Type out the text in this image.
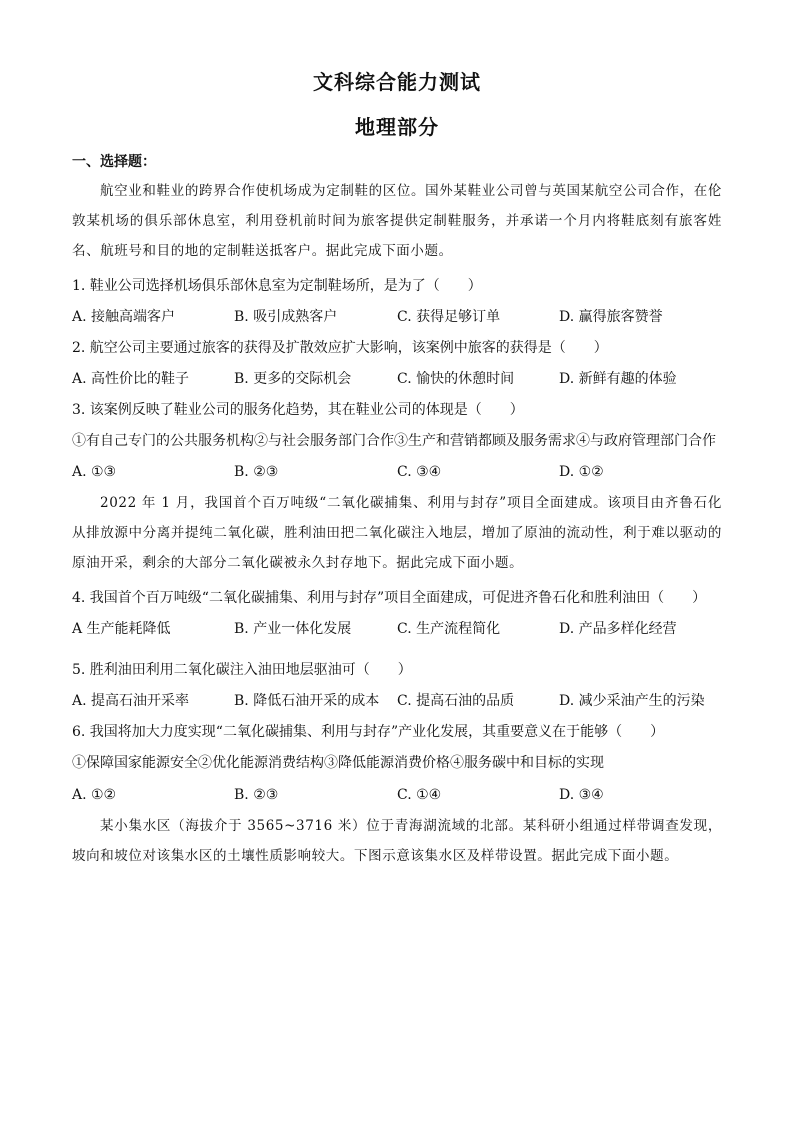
文科综合能力测试
地理部分
一、选择题：
航空业和鞋业的跨界合作使机场成为定制鞋的区位。国外某鞋业公司曾与英国某航空公司合作，在伦敦某机场的俱乐部休息室，利用登机前时间为旅客提供定制鞋服务，并承诺一个月内将鞋底刻有旅客姓名、航班号和目的地的定制鞋送抵客户。据此完成下面小题。
1. 鞋业公司选择机场俱乐部休息室为定制鞋场所，是为了（　　）
A. 接触高端客户	B. 吸引成熟客户	C. 获得足够订单	D. 赢得旅客赞誉
2. 航空公司主要通过旅客的获得及扩散效应扩大影响，该案例中旅客的获得是（　　）
A. 高性价比的鞋子	B. 更多的交际机会	C. 愉快的休憩时间	D. 新鲜有趣的体验
3. 该案例反映了鞋业公司的服务化趋势，其在鞋业公司的体现是（　　）
①有自己专门的公共服务机构②与社会服务部门合作③生产和营销都顾及服务需求④与政府管理部门合作
A. ①③	B. ②③	C. ③④	D. ①②
2022 年 1 月，我国首个百万吨级“二氧化碳捕集、利用与封存”项目全面建成。该项目由齐鲁石化从排放源中分离并提纯二氧化碳，胜利油田把二氧化碳注入地层，增加了原油的流动性，利于难以驱动的原油开采，剩余的大部分二氧化碳被永久封存地下。据此完成下面小题。
4. 我国首个百万吨级“二氧化碳捕集、利用与封存”项目全面建成，可促进齐鲁石化和胜利油田（　　）
A 生产能耗降低	B. 产业一体化发展	C. 生产流程简化	D. 产品多样化经营
5. 胜利油田利用二氧化碳注入油田地层驱油可（　　）
A. 提高石油开采率	B. 降低石油开采的成本 C. 提高石油的品质	D. 减少采油产生的污染
6. 我国将加大力度实现“二氧化碳捕集、利用与封存”产业化发展，其重要意义在于能够（　　）
①保障国家能源安全②优化能源消费结构③降低能源消费价格④服务碳中和目标的实现
A. ①②	B. ②③	C. ①④	D. ③④
某小集水区（海拔介于 3565~3716 米）位于青海湖流域的北部。某科研小组通过样带调查发现，坡向和坡位对该集水区的土壤性质影响较大。下图示意该集水区及样带设置。据此完成下面小题。
